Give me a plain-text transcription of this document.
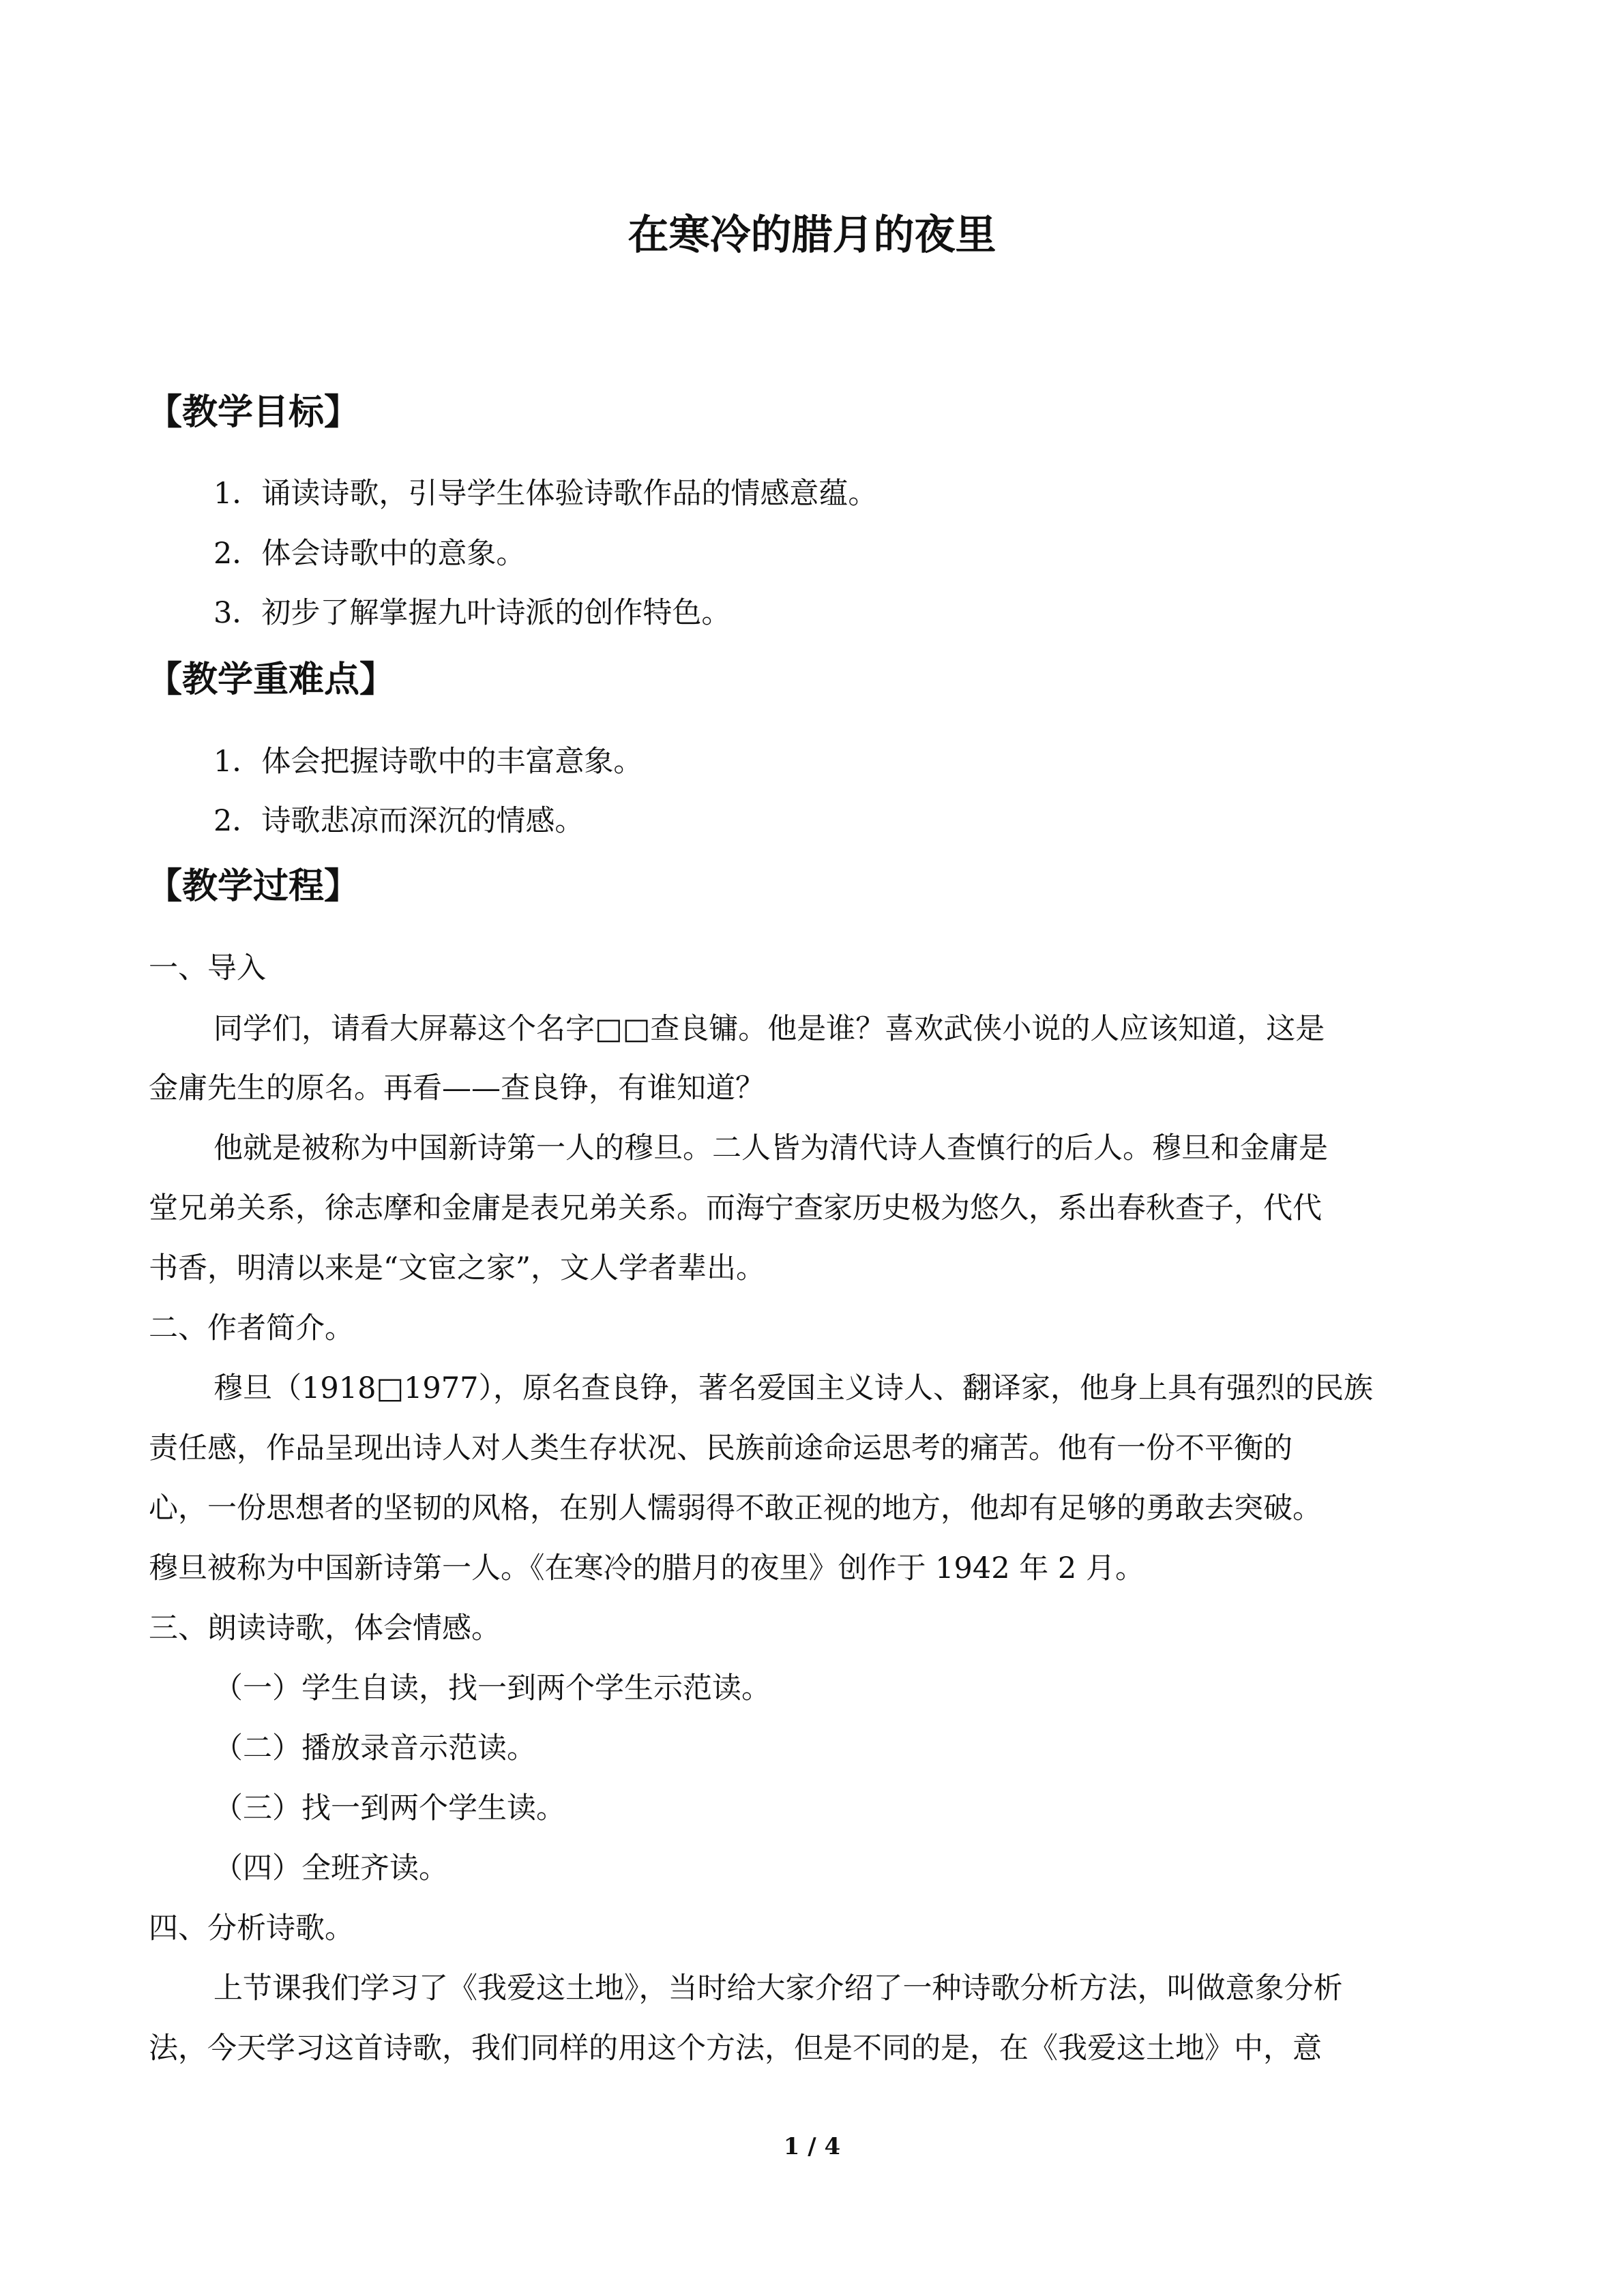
在寒冷的腊月的夜里
【教学目标】
1．诵读诗歌，引导学生体验诗歌作品的情感意蕴。
2．体会诗歌中的意象。
3．初步了解掌握九叶诗派的创作特色。
【教学重难点】
1．体会把握诗歌中的丰富意象。
2．诗歌悲凉而深沉的情感。
【教学过程】
一、导入
同学们，请看大屏幕这个名字□□查良镛。他是谁？喜欢武侠小说的人应该知道，这是
金庸先生的原名。再看——查良铮，有谁知道？
他就是被称为中国新诗第一人的穆旦。二人皆为清代诗人查慎行的后人。穆旦和金庸是
堂兄弟关系，徐志摩和金庸是表兄弟关系。而海宁查家历史极为悠久，系出春秋查子，代代
书香，明清以来是“文宦之家”，文人学者辈出。
二、作者简介。
穆旦（1918□1977），原名查良铮，著名爱国主义诗人、翻译家，他身上具有强烈的民族
责任感，作品呈现出诗人对人类生存状况、民族前途命运思考的痛苦。他有一份不平衡的
心，一份思想者的坚韧的风格，在别人懦弱得不敢正视的地方，他却有足够的勇敢去突破。
穆旦被称为中国新诗第一人。《在寒冷的腊月的夜里》创作于 1942 年 2 月。
三、朗读诗歌，体会情感。
（一）学生自读，找一到两个学生示范读。
（二）播放录音示范读。
（三）找一到两个学生读。
（四）全班齐读。
四、分析诗歌。
上节课我们学习了《我爱这土地》，当时给大家介绍了一种诗歌分析方法，叫做意象分析
法，今天学习这首诗歌，我们同样的用这个方法，但是不同的是，在《我爱这土地》中，意
1 / 4
